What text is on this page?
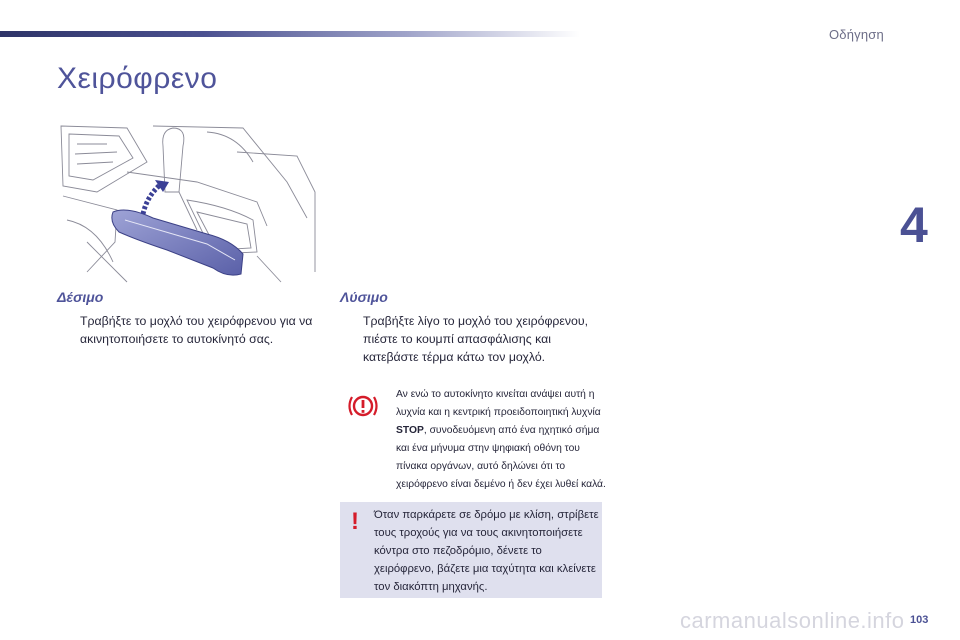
Οδήγηση
Χειρόφρενο
4
Δέσιμο
Τραβήξτε το μοχλό του χειρόφρενου για να ακινητοποιήσετε το αυτοκίνητό σας.
Λύσιμο
Τραβήξτε λίγο το μοχλό του χειρόφρενου, πιέστε το κουμπί απασφάλισης και κατεβάστε τέρμα κάτω τον μοχλό.
Αν ενώ το αυτοκίνητο κινείται ανάψει αυτή η λυχνία και η κεντρική προειδοποιητική λυχνία STOP, συνοδευόμενη από ένα ηχητικό σήμα και ένα μήνυμα στην ψηφιακή οθόνη του πίνακα οργάνων, αυτό δηλώνει ότι το χειρόφρενο είναι δεμένο ή δεν έχει λυθεί καλά.
! Όταν παρκάρετε σε δρόμο με κλίση, στρίβετε τους τροχούς για να τους ακινητοποιήσετε κόντρα στο πεζοδρόμιο, δένετε το χειρόφρενο, βάζετε μια ταχύτητα και κλείνετε τον διακόπτη μηχανής.
carmanualsonline.info 103
